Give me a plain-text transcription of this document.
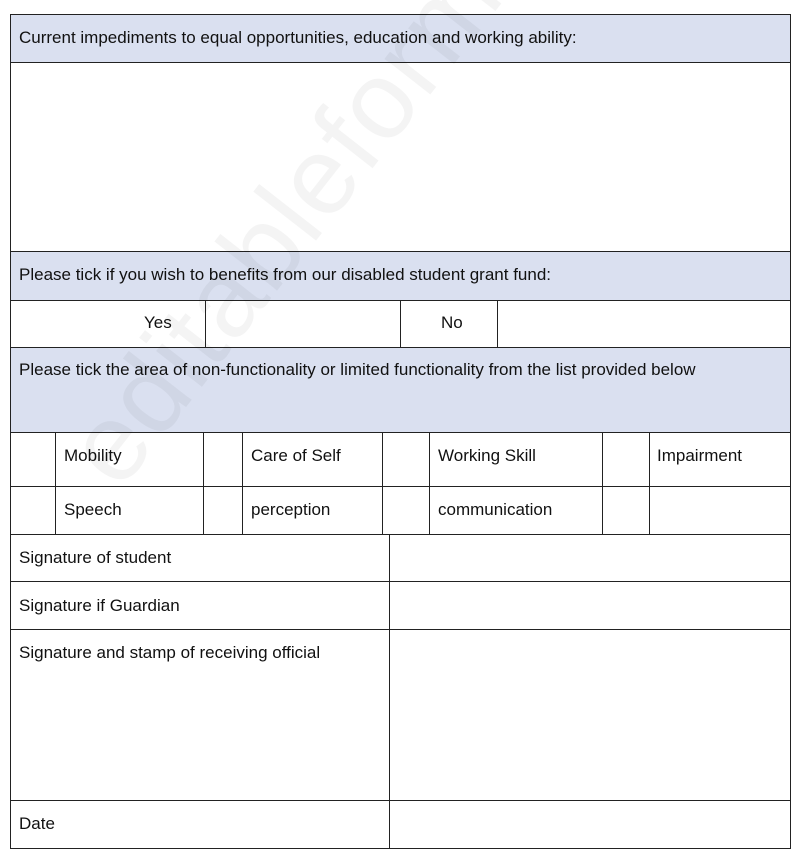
Current impediments to equal opportunities, education and working ability:
Please tick if you wish to benefits from our disabled student grant fund:
Yes	No
Please tick the area of non-functionality or limited functionality from the list provided below
Mobility	Care of Self	Working Skill	Impairment
Speech	perception	communication
Signature of student
Signature if Guardian
Signature and stamp of receiving official
Date
